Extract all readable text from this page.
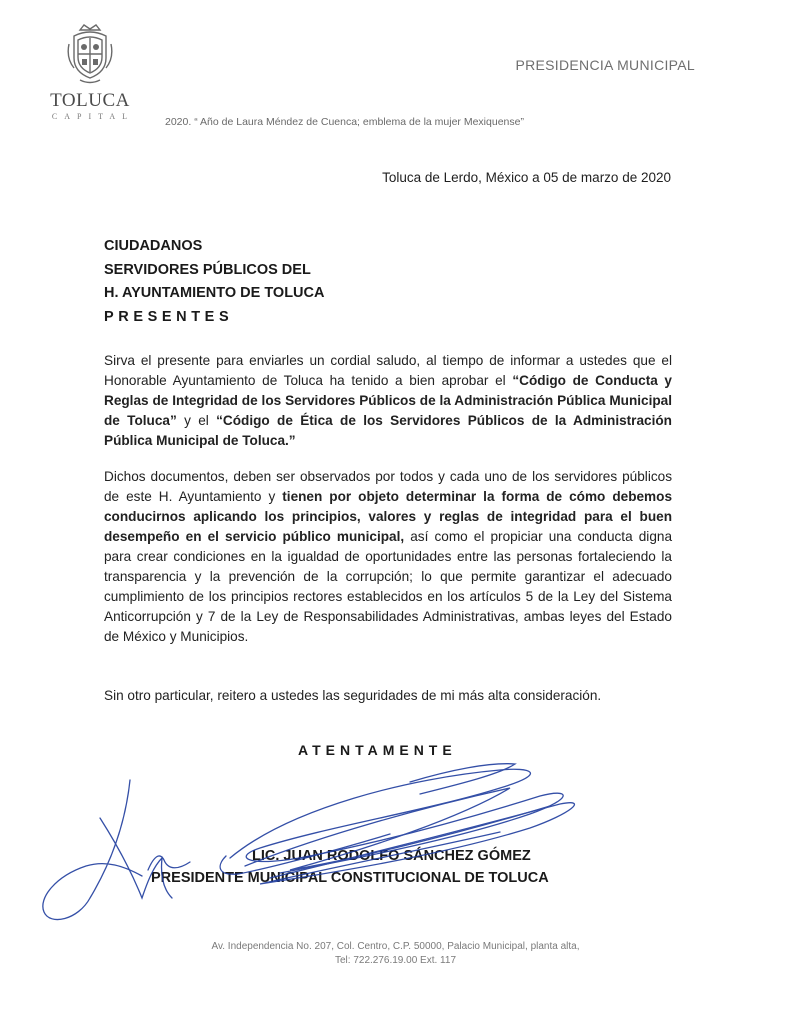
TOLUCA
CAPITAL
PRESIDENCIA MUNICIPAL
2020. “ Año de Laura Méndez de Cuenca; emblema de la mujer Mexiquense”
Toluca de Lerdo, México a 05 de marzo de 2020
CIUDADANOS
SERVIDORES PÚBLICOS DEL
H. AYUNTAMIENTO DE TOLUCA
PRESENTES
Sirva el presente para enviarles un cordial saludo, al tiempo de informar a ustedes que el Honorable Ayuntamiento de Toluca ha tenido a bien aprobar el “Código de Conducta y Reglas de Integridad de los Servidores Públicos de la Administración Pública Municipal de Toluca” y el “Código de Ética de los Servidores Públicos de la Administración Pública Municipal de Toluca.”
Dichos documentos, deben ser observados por todos y cada uno de los servidores públicos de este H. Ayuntamiento y tienen por objeto determinar la forma de cómo debemos conducirnos aplicando los principios, valores y reglas de integridad para el buen desempeño en el servicio público municipal, así como el propiciar una conducta digna para crear condiciones en la igualdad de oportunidades entre las personas fortaleciendo la transparencia y la prevención de la corrupción; lo que permite garantizar el adecuado cumplimiento de los principios rectores establecidos en los artículos 5 de la Ley del Sistema Anticorrupción y 7 de la Ley de Responsabilidades Administrativas, ambas leyes del Estado de México y Municipios.
Sin otro particular, reitero a ustedes las seguridades de mi más alta consideración.
ATENTAMENTE
LIC. JUAN RODOLFO SÁNCHEZ GÓMEZ
PRESIDENTE MUNICIPAL CONSTITUCIONAL DE TOLUCA
Av. Independencia No. 207, Col. Centro, C.P. 50000, Palacio Municipal, planta alta,
Tel: 722.276.19.00 Ext. 117
